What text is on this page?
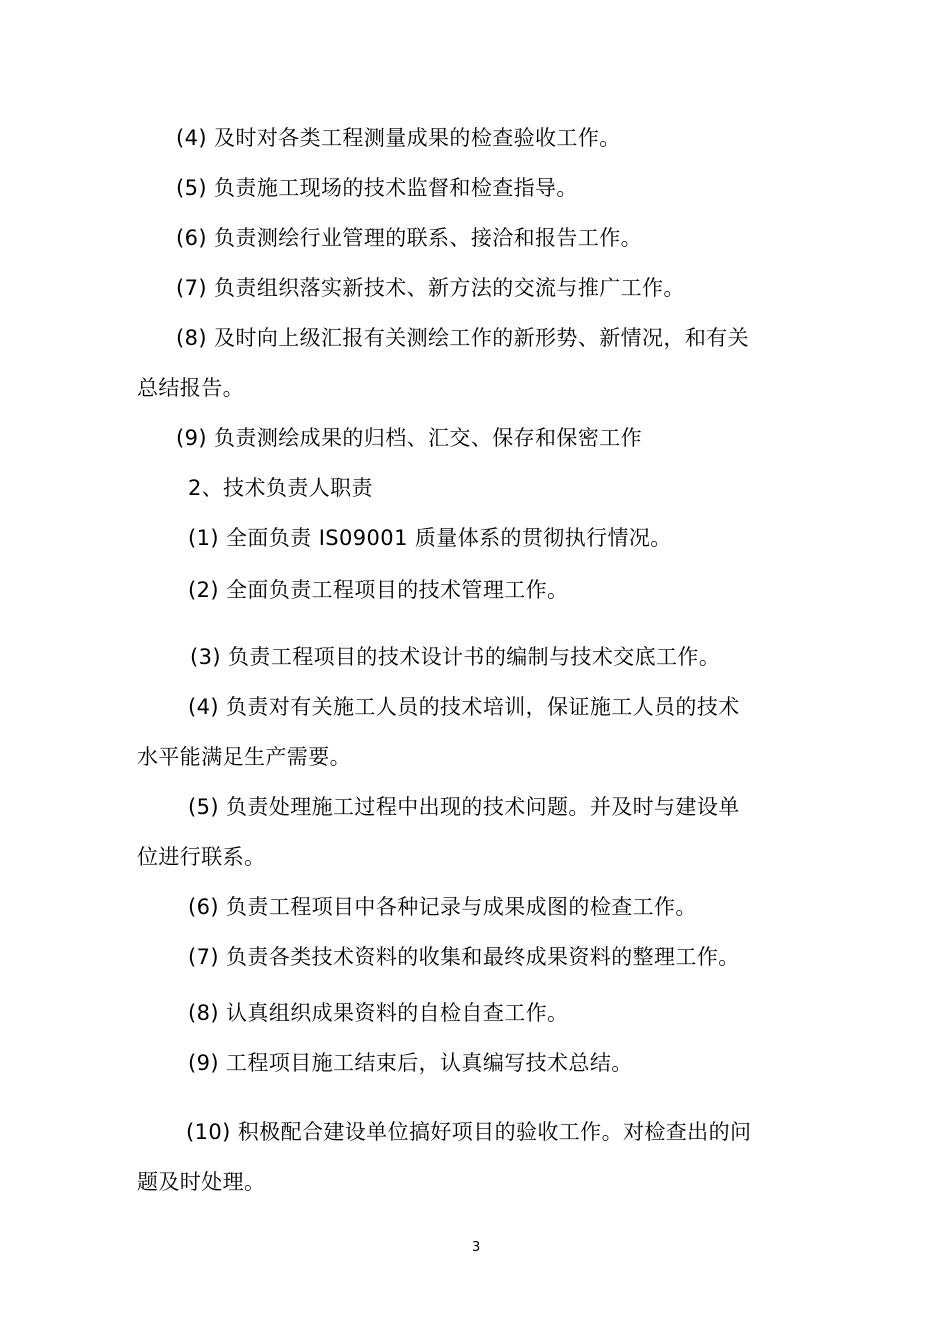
(4) 及时对各类工程测量成果的检查验收工作。
(5) 负责施工现场的技术监督和检查指导。
(6) 负责测绘行业管理的联系、接洽和报告工作。
(7) 负责组织落实新技术、新方法的交流与推广工作。
(8) 及时向上级汇报有关测绘工作的新形势、新情况，和有关
总结报告。
(9) 负责测绘成果的归档、汇交、保存和保密工作
2、技术负责人职责
(1) 全面负责 IS09001 质量体系的贯彻执行情况。
(2) 全面负责工程项目的技术管理工作。
(3) 负责工程项目的技术设计书的编制与技术交底工作。
(4) 负责对有关施工人员的技术培训，保证施工人员的技术
水平能满足生产需要。
(5) 负责处理施工过程中出现的技术问题。并及时与建设单
位进行联系。
(6) 负责工程项目中各种记录与成果成图的检查工作。
(7) 负责各类技术资料的收集和最终成果资料的整理工作。
(8) 认真组织成果资料的自检自查工作。
(9) 工程项目施工结束后，认真编写技术总结。
(10) 积极配合建设单位搞好项目的验收工作。对检查出的问
题及时处理。
3
